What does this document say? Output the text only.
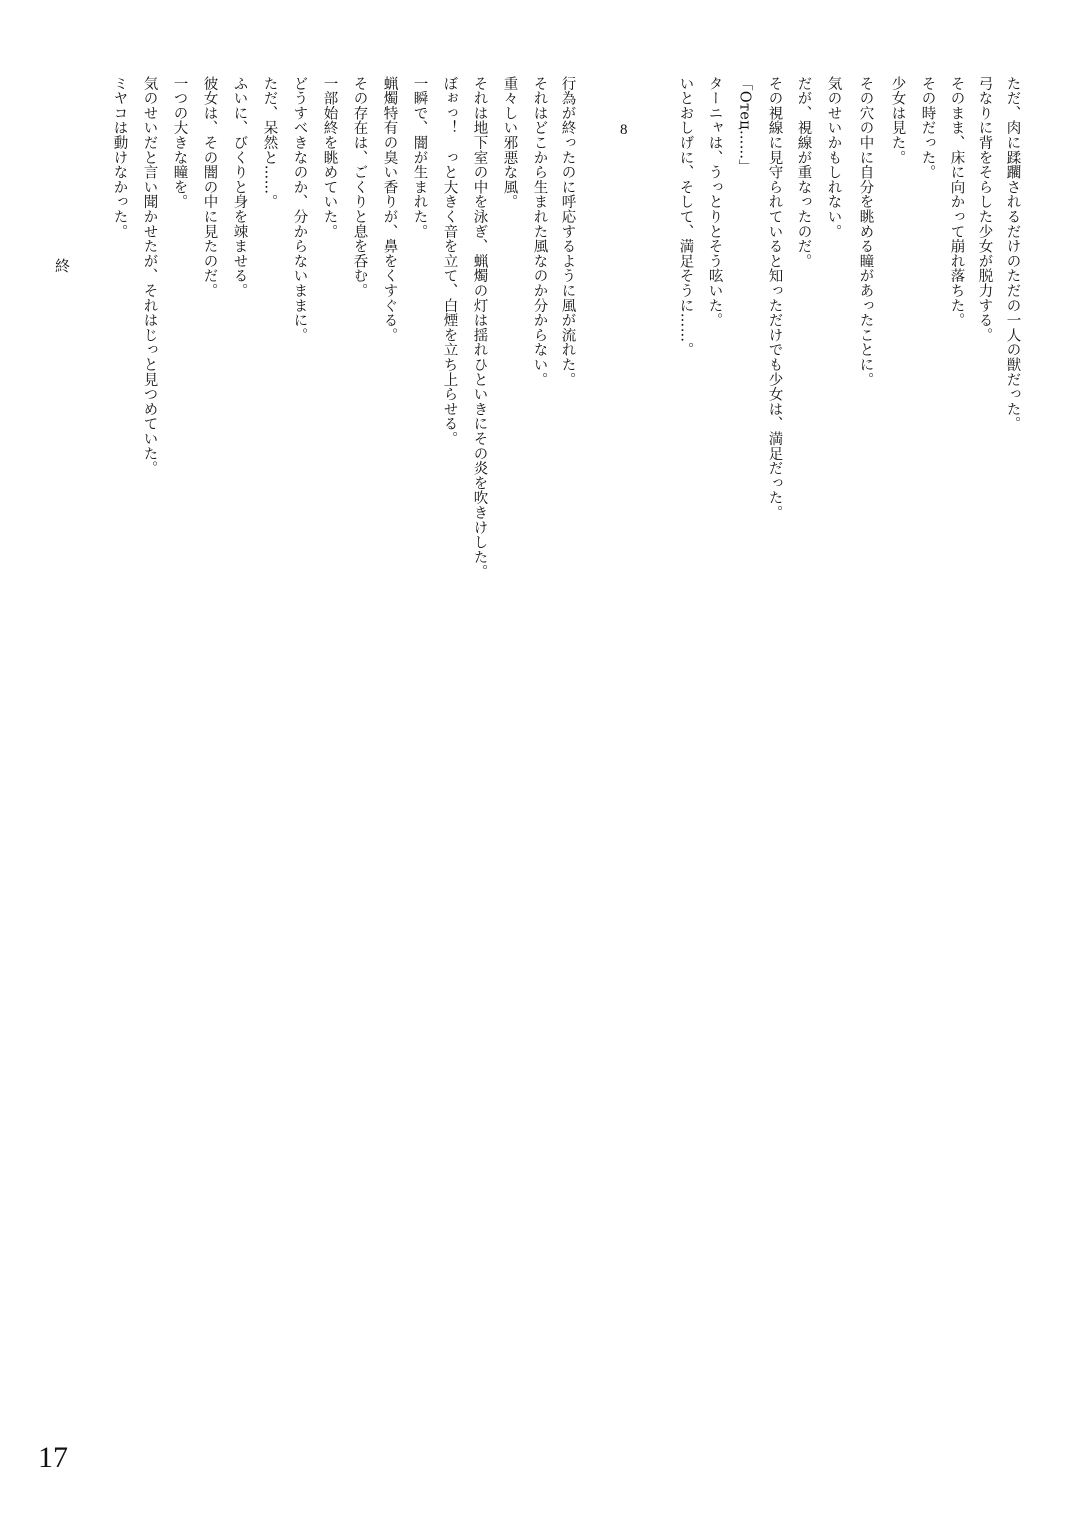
ただ、肉に蹂躙されるだけのただの一人の獣だった。
弓なりに背をそらした少女が脱力する。
そのまま、床に向かって崩れ落ちた。
その時だった。
少女は見た。
その穴の中に自分を眺める瞳があったことに。
気のせいかもしれない。
だが、視線が重なったのだ。
その視線に見守られていると知っただけでも少女は、満足だった。
「Отец……」
ターニャは、うっとりとそう呟いた。
いとおしげに、そして、満足そうに……。
8
行為が終ったのに呼応するように風が流れた。
それはどこから生まれた風なのか分からない。
重々しい邪悪な風。
それは地下室の中を泳ぎ、蝋燭の灯は揺れひといきにその炎を吹きけした。
ぼぉっ！　っと大きく音を立て、白煙を立ち上らせる。
一瞬で、闇が生まれた。
蝋燭特有の臭い香りが、鼻をくすぐる。
その存在は、ごくりと息を呑む。
一部始終を眺めていた。
どうすべきなのか、分からないままに。
ただ、呆然と……。
ふいに、びくりと身を竦ませる。
彼女は、その闇の中に見たのだ。
一つの大きな瞳を。
気のせいだと言い聞かせたが、それはじっと見つめていた。
ミヤコは動けなかった。
終
17
